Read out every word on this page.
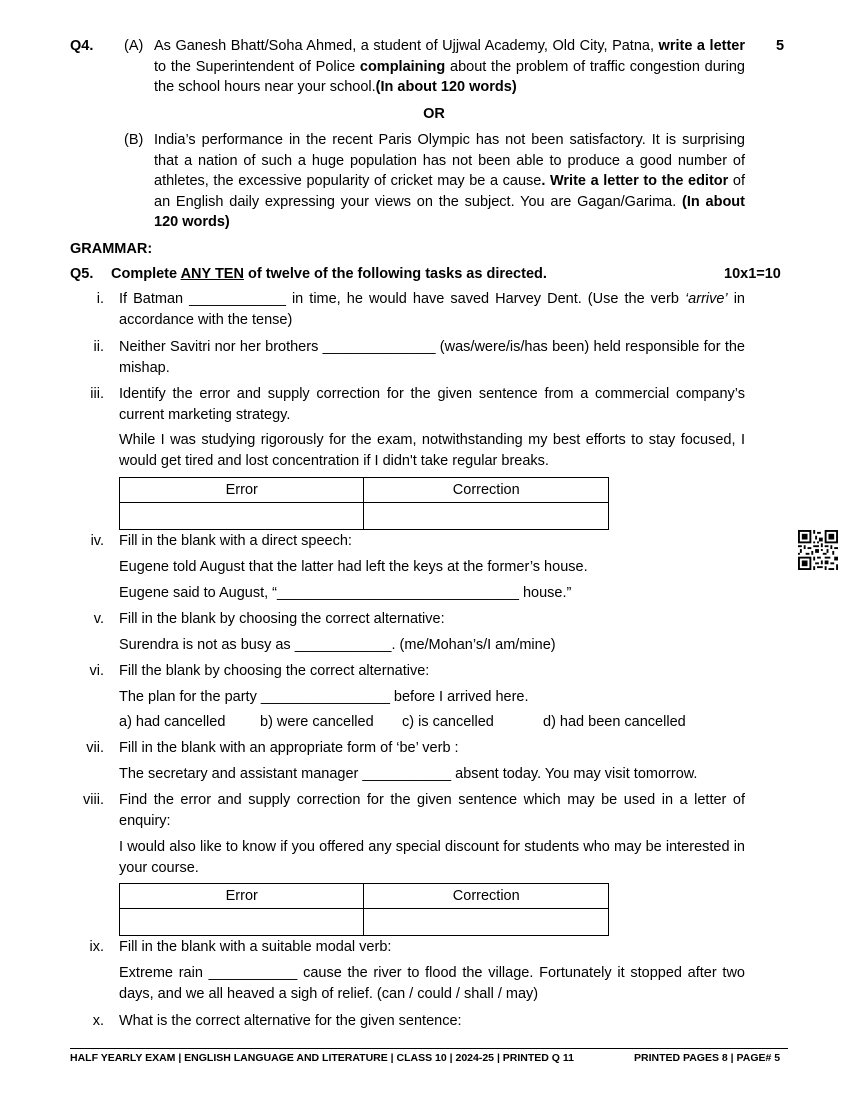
Q4.	5
(A) As Ganesh Bhatt/Soha Ahmed, a student of Ujjwal Academy, Old City, Patna, write a letter to the Superintendent of Police complaining about the problem of traffic congestion during the school hours near your school.(In about 120 words)
OR
(B) India’s performance in the recent Paris Olympic has not been satisfactory. It is surprising that a nation of such a huge population has not been able to produce a good number of athletes, the excessive popularity of cricket may be a cause. Write a letter to the editor of an English daily expressing your views on the subject. You are Gagan/Garima. (In about 120 words)
GRAMMAR:
Q5. Complete ANY TEN of twelve of the following tasks as directed.	10x1=10
i. If Batman ____________ in time, he would have saved Harvey Dent. (Use the verb ‘arrive’ in accordance with the tense)
ii. Neither Savitri nor her brothers ______________ (was/were/is/has been) held responsible for the mishap.
iii. Identify the error and supply correction for the given sentence from a commercial company’s current marketing strategy.
While I was studying rigorously for the exam, notwithstanding my best efforts to stay focused, I would get tired and lost concentration if I didn't take regular breaks.
Error	Correction

iv. Fill in the blank with a direct speech:
Eugene told August that the latter had left the keys at the former’s house.
Eugene said to August, “______________________________ house.”
v. Fill in the blank by choosing the correct alternative:
Surendra is not as busy as ____________. (me/Mohan’s/I am/mine)
vi. Fill the blank by choosing the correct alternative:
The plan for the party ________________ before I arrived here.
a) had cancelled b) were cancelled c) is cancelled	d) had been cancelled
vii. Fill in the blank with an appropriate form of ‘be’ verb :
The secretary and assistant manager ___________ absent today. You may visit tomorrow.
viii. Find the error and supply correction for the given sentence which may be used in a letter of enquiry:
I would also like to know if you offered any special discount for students who may be interested in your course.
Error	Correction

ix. Fill in the blank with a suitable modal verb:
Extreme rain ___________ cause the river to flood the village. Fortunately it stopped after two days, and we all heaved a sigh of relief. (can / could / shall / may)
x. What is the correct alternative for the given sentence:
HALF YEARLY EXAM | ENGLISH LANGUAGE AND LITERATURE | CLASS 10 | 2024-25 | PRINTED Q 11	PRINTED PAGES 8 | PAGE# 5
